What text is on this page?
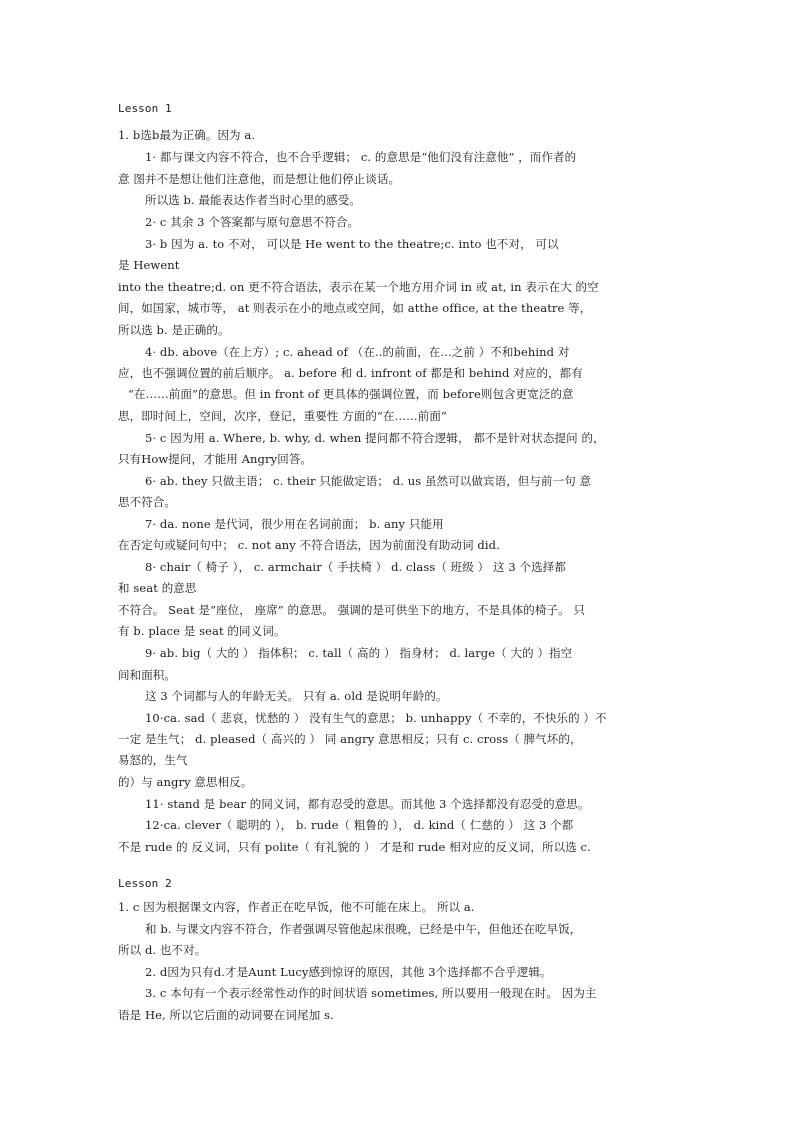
Lesson 1
1. b选b最为正确。因为 a.
1· 都与课文内容不符合，也不合乎逻辑； c. 的意思是“他们没有注意他” ，而作者的
意 图并不是想让他们注意他，而是想让他们停止谈话。
所以选 b. 最能表达作者当时心里的感受。
2· c 其余 3 个答案都与原句意思不符合。
3· b 因为 a. to 不对， 可以是 He went to the theatre;c. into 也不对， 可以
是 Hewent
into the theatre;d. on 更不符合语法，表示在某一个地方用介词 in 或 at, in 表示在大 的空
间，如国家，城市等， at 则表示在小的地点或空间，如 atthe office, at the theatre 等，
所以选 b. 是正确的。
4· db. above（在上方）; c. ahead of （在..的前面，在...之前 ）不和behind 对
应，也不强调位置的前后顺序。 a. before 和 d. infront of 都是和 behind 对应的，都有
“在……前面”的意思。但 in front of 更具体的强调位置，而 before则包含更宽泛的意
思，即时间上，空间，次序，登记，重要性 方面的“在……前面”
5· c 因为用 a. Where, b. why, d. when 提问都不符合逻辑， 都不是针对状态提问 的，
只有How提问，才能用 Angry回答。
6· ab. they 只做主语； c. their 只能做定语； d. us 虽然可以做宾语，但与前一句 意
思不符合。
7· da. none 是代词，很少用在名词前面； b. any 只能用
在否定句或疑问句中； c. not any 不符合语法，因为前面没有助动词 did.
8· chair（ 椅子 ）， c. armchair（ 手扶椅 ） d. class（ 班级 ） 这 3 个选择都
和 seat 的意思
不符合。 Seat 是”座位， 座席” 的意思。 强调的是可供坐下的地方，不是具体的椅子。 只
有 b. place 是 seat 的同义词。
9· ab. big（ 大的 ） 指体积； c. tall（ 高的 ） 指身材； d. large（ 大的 ）指空
间和面积。
这 3 个词都与人的年龄无关。 只有 a. old 是说明年龄的。
10·ca. sad（ 悲哀，忧愁的 ） 没有生气的意思； b. unhappy（ 不幸的，不快乐的 ）不
一定 是生气； d. pleased（ 高兴的 ） 同 angry 意思相反；只有 c. cross（ 脾气坏的，
易怒的，生气
的）与 angry 意思相反。
11· stand 是 bear 的同义词，都有忍受的意思。而其他 3 个选择都没有忍受的意思。
12·ca. clever（ 聪明的 ）， b. rude（ 粗鲁的 ）， d. kind（ 仁慈的 ） 这 3 个都
不是 rude 的 反义词，只有 polite（ 有礼貌的 ） 才是和 rude 相对应的反义词，所以选 c.
Lesson 2
1. c 因为根据课文内容，作者正在吃早饭，他不可能在床上。 所以 a.
和 b. 与课文内容不符合，作者强调尽管他起床很晚，已经是中午，但他还在吃早饭，
所以 d. 也不对。
2. d因为只有d.才是Aunt Lucy感到惊讶的原因，其他 3个选择都不合乎逻辑。
3. c 本句有一个表示经常性动作的时间状语 sometimes, 所以要用一般现在时。 因为主
语是 He, 所以它后面的动词要在词尾加 s.
